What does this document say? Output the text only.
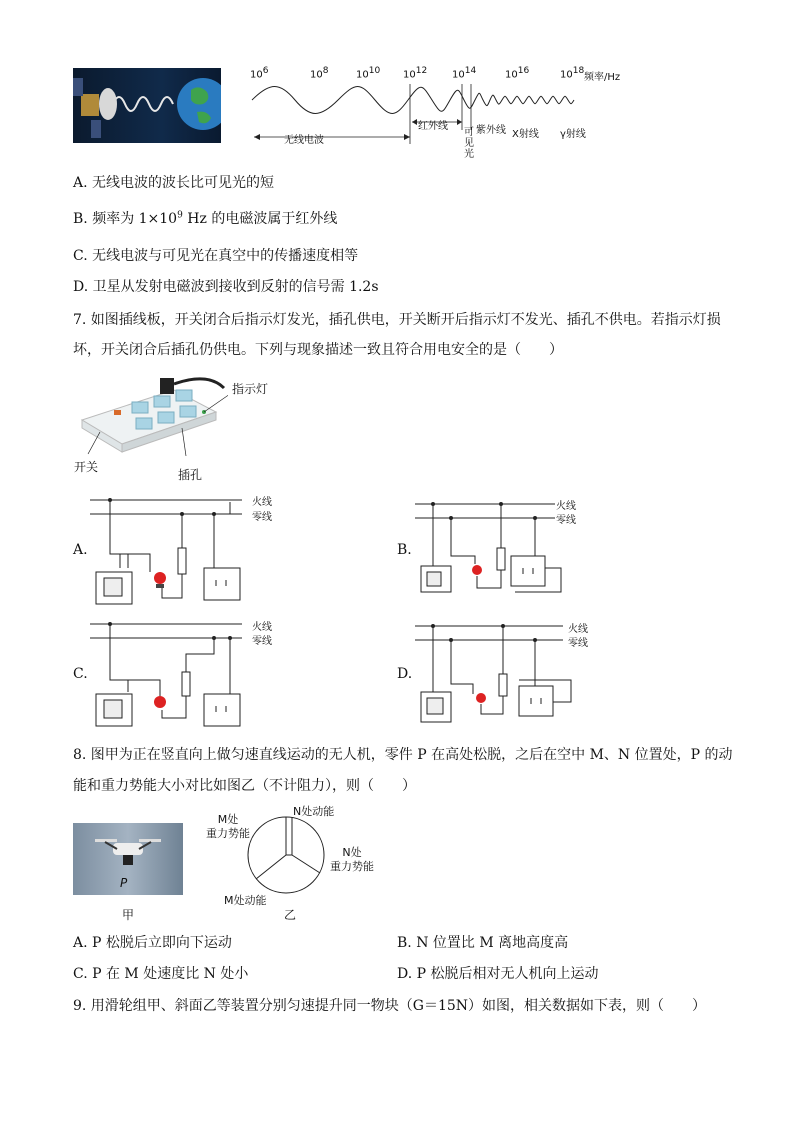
106	108	1010 1012 1014	1016	1018
频率/Hz
无线电波
红外线
可见光
紫外线 X射线 γ射线
A. 无线电波的波长比可见光的短
B. 频率为 $1\times 10^9$ Hz 的电磁波属于红外线
C. 无线电波与可见光在真空中的传播速度相等
D. 卫星从发射电磁波到接收到反射的信号需 1.2s
7. 如图插线板，开关闭合后指示灯发光，插孔供电，开关断开后指示灯不发光、插孔不供电。若指示灯损
坏，开关闭合后插孔仍供电。下列与现象描述一致且符合用电安全的是（　　）
指示灯
开关
插孔
火线
零线
A.
火线
零线
B.
火线
零线
C.
火线
零线
D.
8. 图甲为正在竖直向上做匀速直线运动的无人机，零件 P 在高处松脱，之后在空中 M、N 位置处，P 的动
能和重力势能大小对比如图乙（不计阻力），则（　　）
P
甲
M处
重力势能
N处动能
N处
重力势能
M处动能
乙
A. P 松脱后立即向下运动	B. N 位置比 M 离地高度高
C. P 在 M 处速度比 N 处小	D. P 松脱后相对无人机向上运动
9. 用滑轮组甲、斜面乙等装置分别匀速提升同一物块（G＝15N）如图，相关数据如下表，则（　　）
